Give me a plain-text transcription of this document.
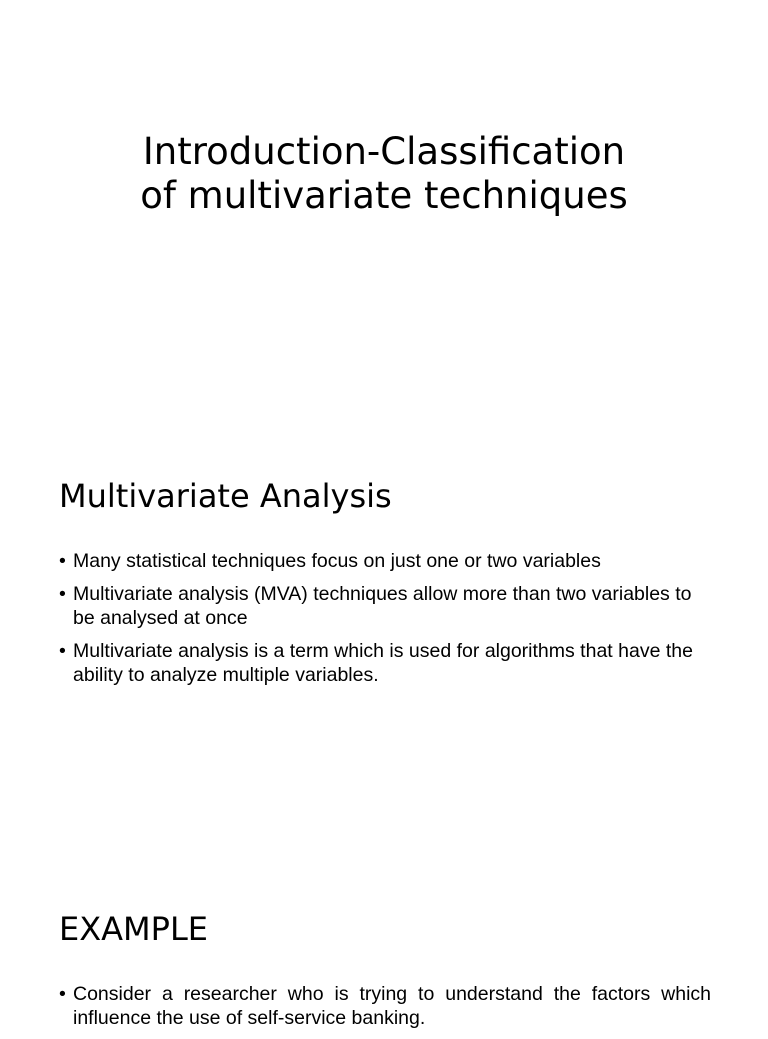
Introduction-Classification
of multivariate techniques
Multivariate Analysis
• Many statistical techniques focus on just one or two variables
• Multivariate analysis (MVA) techniques allow more than two variables to be analysed at once
• Multivariate analysis is a term which is used for algorithms that have the ability to analyze multiple variables.
EXAMPLE
• Consider a researcher who is trying to understand the factors which influence the use of self-service banking.
